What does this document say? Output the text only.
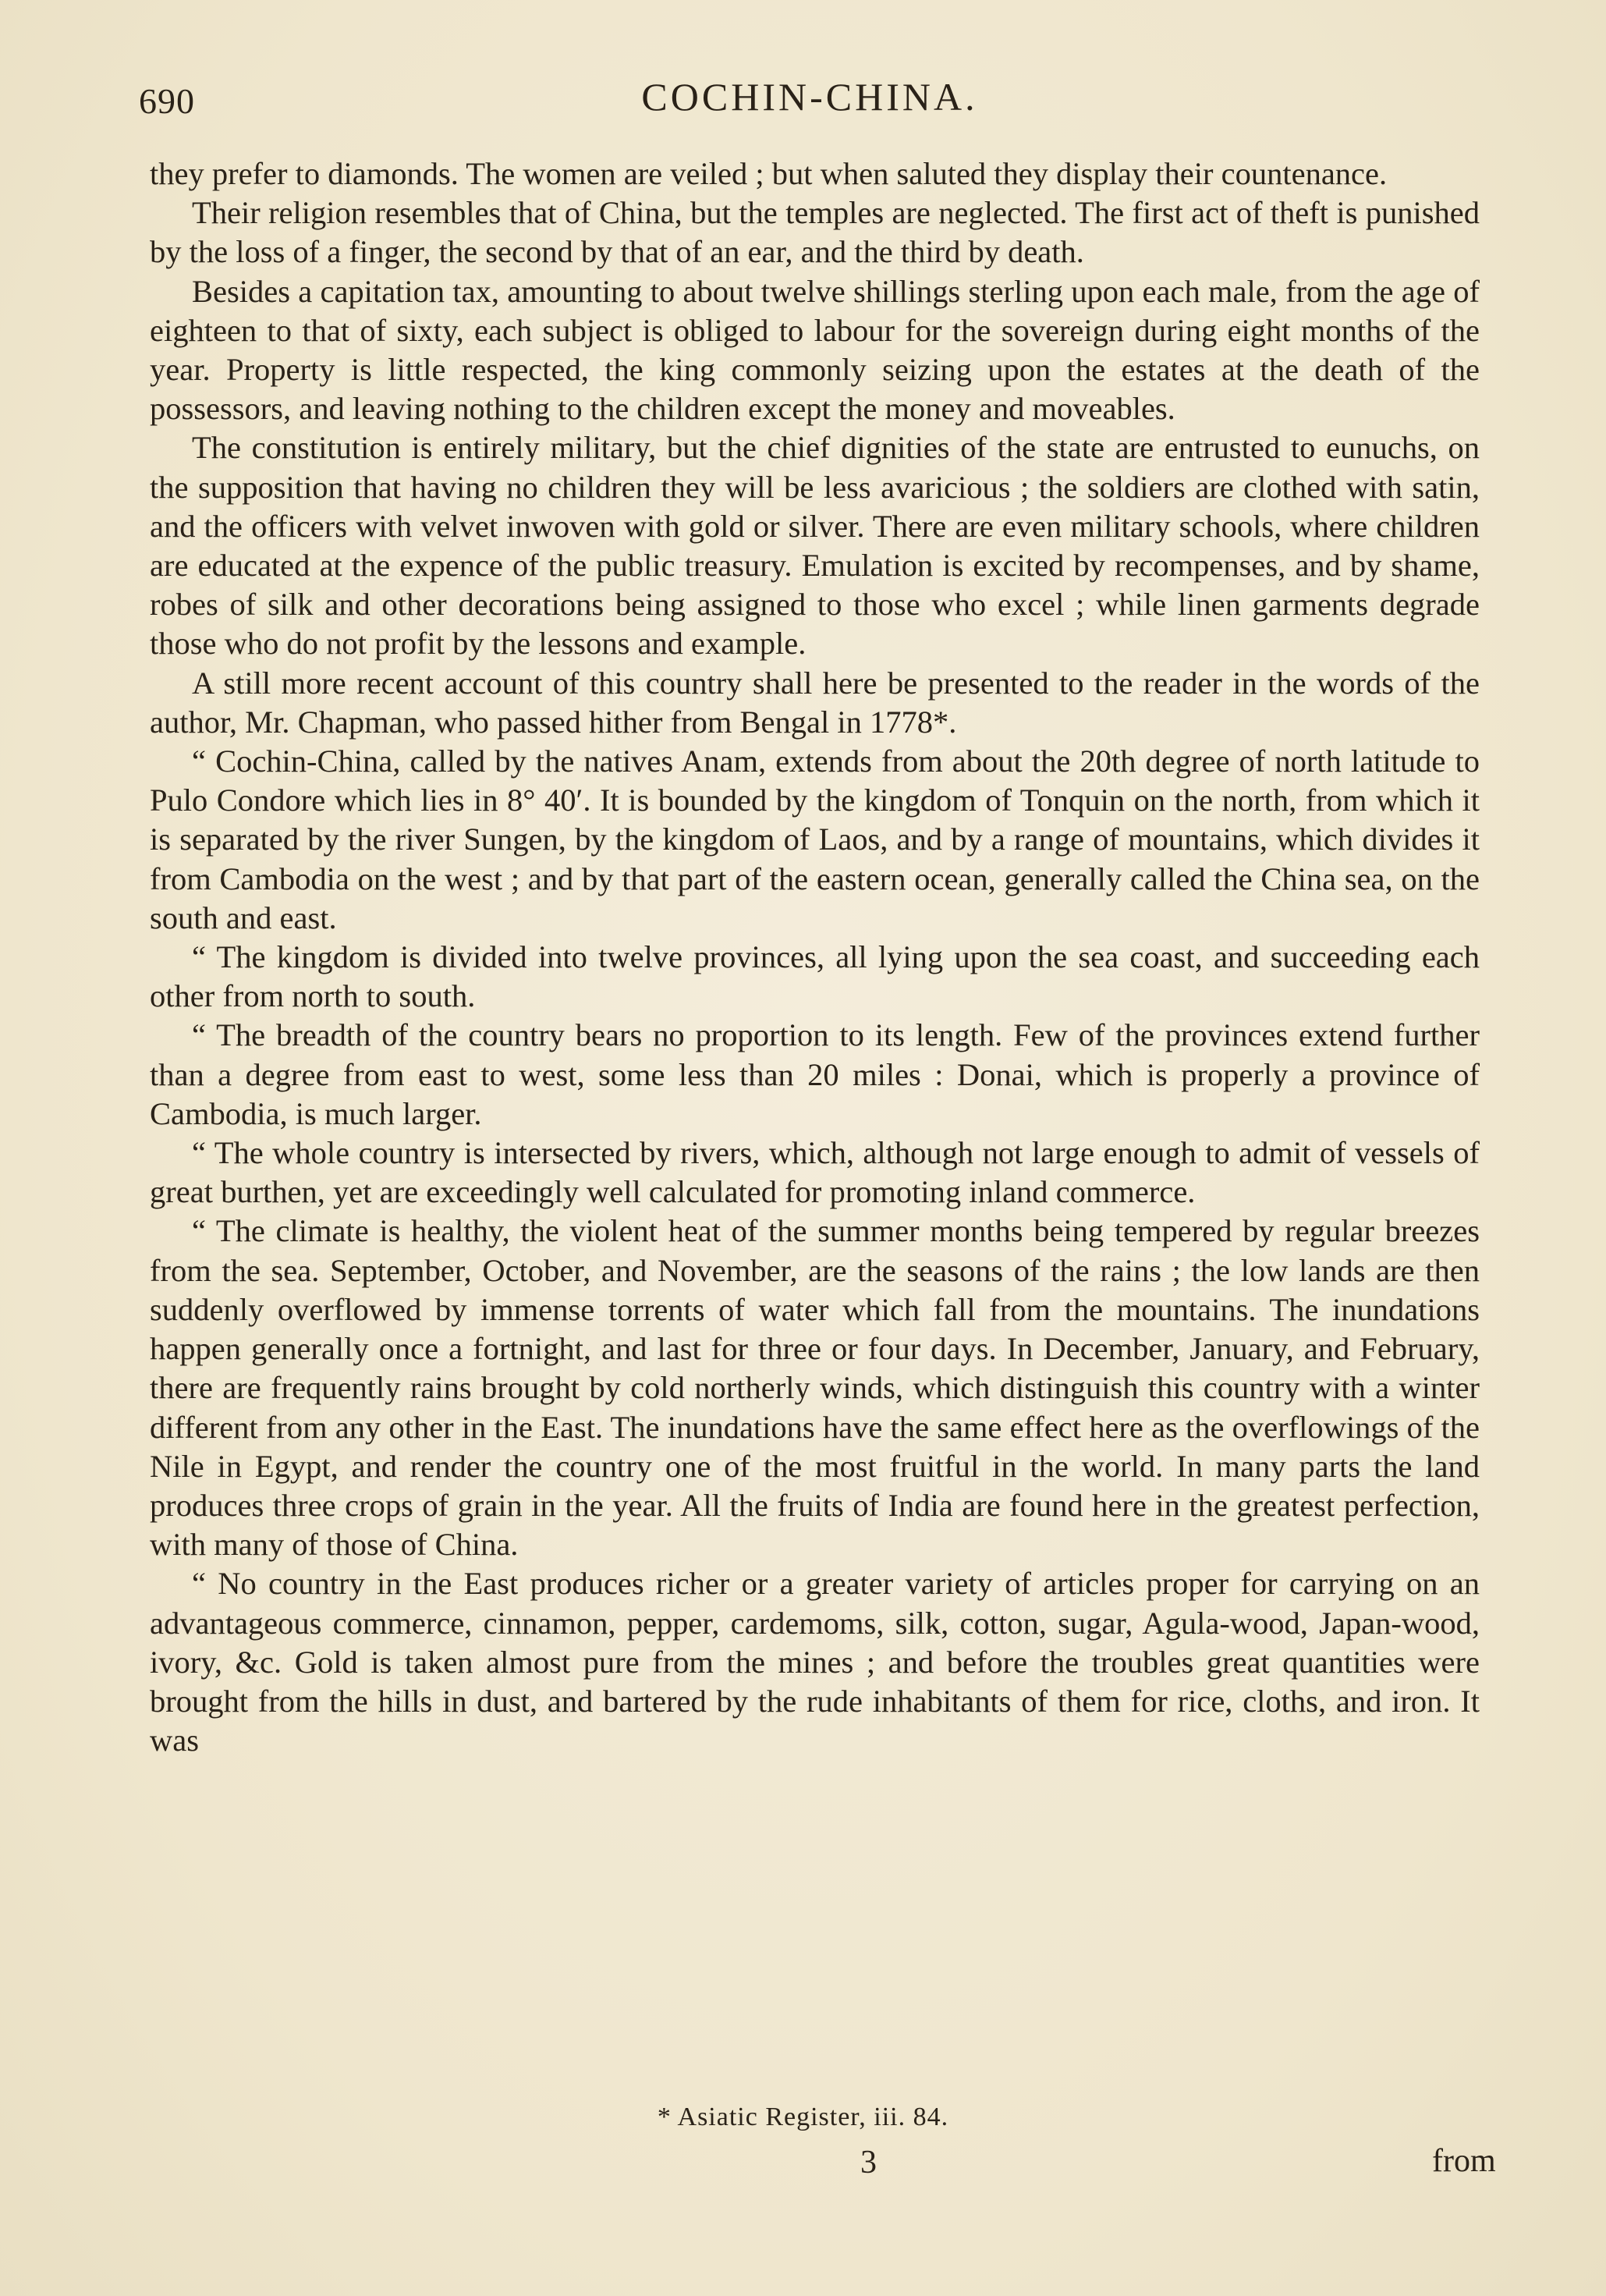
690	COCHIN-CHINA.

they prefer to diamonds. The women are veiled ; but when saluted they display their countenance.

Their religion resembles that of China, but the temples are neglected. The first act of theft is punished by the loss of a finger, the second by that of an ear, and the third by death.

Besides a capitation tax, amounting to about twelve shillings sterling upon each male, from the age of eighteen to that of sixty, each subject is obliged to labour for the sovereign during eight months of the year. Property is little respected, the king commonly seizing upon the estates at the death of the possessors, and leaving nothing to the children except the money and moveables.

The constitution is entirely military, but the chief dignities of the state are entrusted to eunuchs, on the supposition that having no children they will be less avaricious ; the soldiers are clothed with satin, and the officers with velvet inwoven with gold or silver. There are even military schools, where children are educated at the expence of the public treasury. Emulation is excited by recompenses, and by shame, robes of silk and other decorations being assigned to those who excel ; while linen garments degrade those who do not profit by the lessons and example.

A still more recent account of this country shall here be presented to the reader in the words of the author, Mr. Chapman, who passed hither from Bengal in 1778*.

“ Cochin-China, called by the natives Anam, extends from about the 20th degree of north latitude to Pulo Condore which lies in 8° 40′. It is bounded by the kingdom of Tonquin on the north, from which it is separated by the river Sungen, by the kingdom of Laos, and by a range of mountains, which divides it from Cambodia on the west ; and by that part of the eastern ocean, generally called the China sea, on the south and east.

“ The kingdom is divided into twelve provinces, all lying upon the sea coast, and succeeding each other from north to south.

“ The breadth of the country bears no proportion to its length. Few of the provinces extend further than a degree from east to west, some less than 20 miles : Donai, which is properly a province of Cambodia, is much larger.

“ The whole country is intersected by rivers, which, although not large enough to admit of vessels of great burthen, yet are exceedingly well calculated for promoting inland commerce.

“ The climate is healthy, the violent heat of the summer months being tempered by regular breezes from the sea. September, October, and November, are the seasons of the rains ; the low lands are then suddenly overflowed by immense torrents of water which fall from the mountains. The inundations happen generally once a fortnight, and last for three or four days. In December, January, and February, there are frequently rains brought by cold northerly winds, which distinguish this country with a winter different from any other in the East. The inundations have the same effect here as the overflowings of the Nile in Egypt, and render the country one of the most fruitful in the world. In many parts the land produces three crops of grain in the year. All the fruits of India are found here in the greatest perfection, with many of those of China.

“ No country in the East produces richer or a greater variety of articles proper for carrying on an advantageous commerce, cinnamon, pepper, cardemoms, silk, cotton, sugar, Agula-wood, Japan-wood, ivory, &c. Gold is taken almost pure from the mines ; and before the troubles great quantities were brought from the hills in dust, and bartered by the rude inhabitants of them for rice, cloths, and iron. It was

* Asiatic Register, iii. 84.
3	from
